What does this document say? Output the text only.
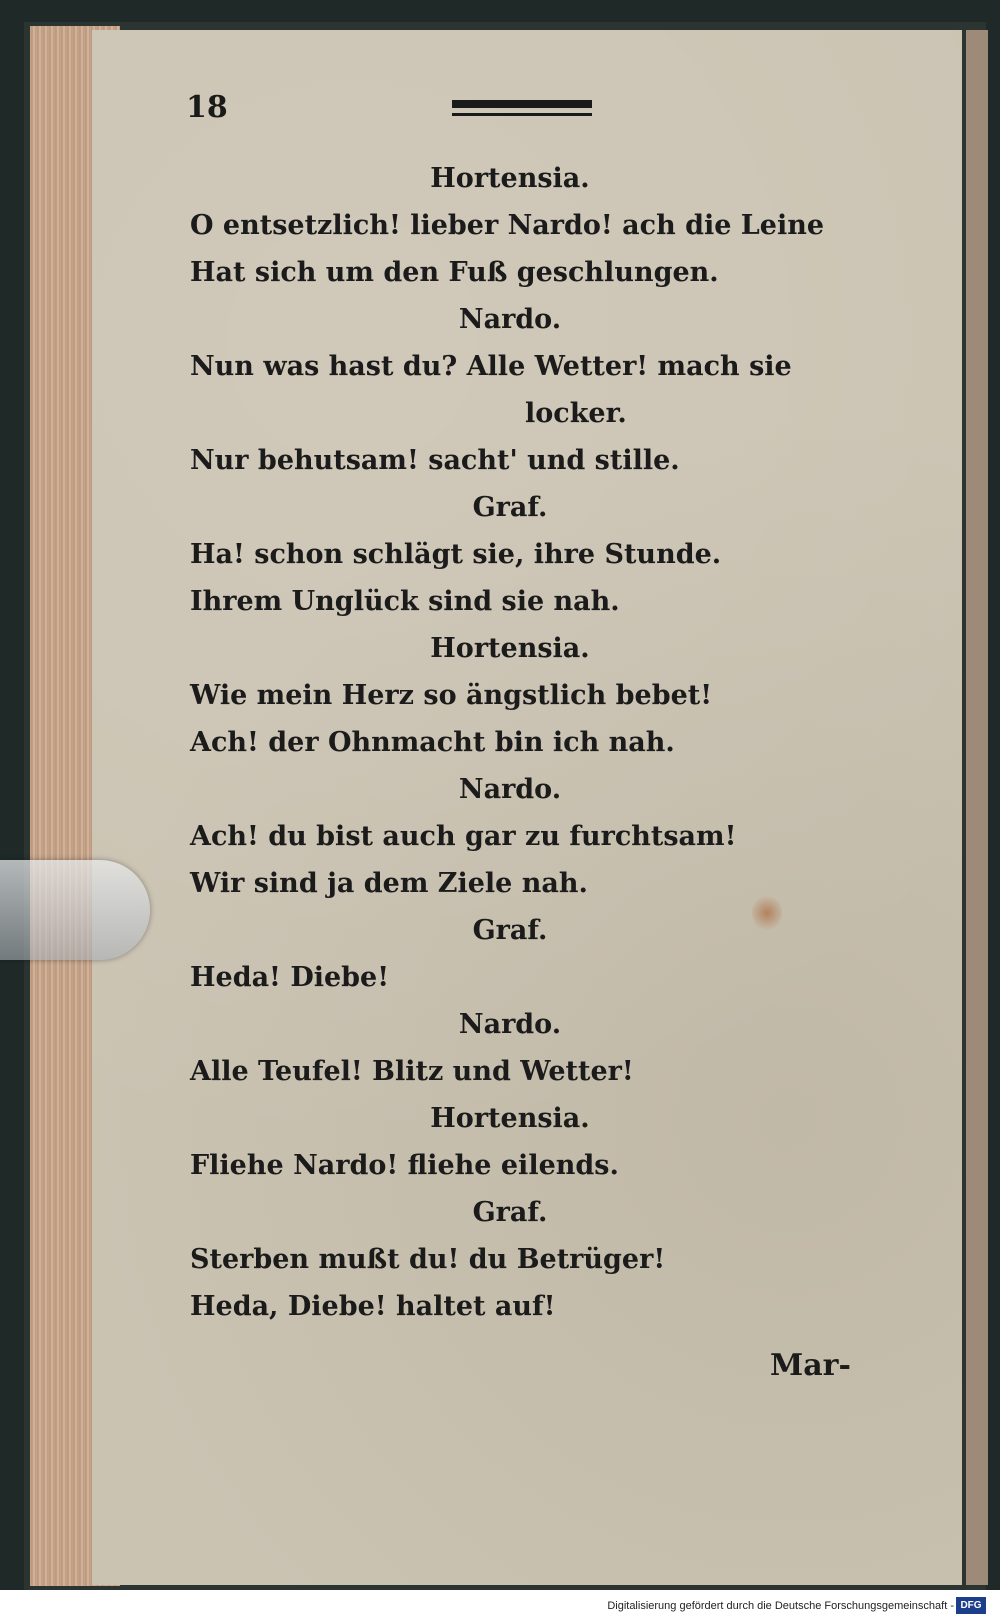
18
Hortensia.
O entsetzlich! lieber Nardo! ach die Leine
Hat sich um den Fuß geschlungen.
Nardo.
Nun was hast du? Alle Wetter! mach sie
locker.
Nur behutsam! sacht' und stille.
Graf.
Ha! schon schlägt sie, ihre Stunde.
Ihrem Unglück sind sie nah.
Hortensia.
Wie mein Herz so ängstlich bebet!
Ach! der Ohnmacht bin ich nah.
Nardo.
Ach! du bist auch gar zu furchtsam!
Wir sind ja dem Ziele nah.
Graf.
Heda! Diebe!
Nardo.
Alle Teufel! Blitz und Wetter!
Hortensia.
Fliehe Nardo! fliehe eilends.
Graf.
Sterben mußt du! du Betrüger!
Heda, Diebe! haltet auf!
Mar-
Digitalisierung gefördert durch die Deutsche Forschungsgemeinschaft - DFG
